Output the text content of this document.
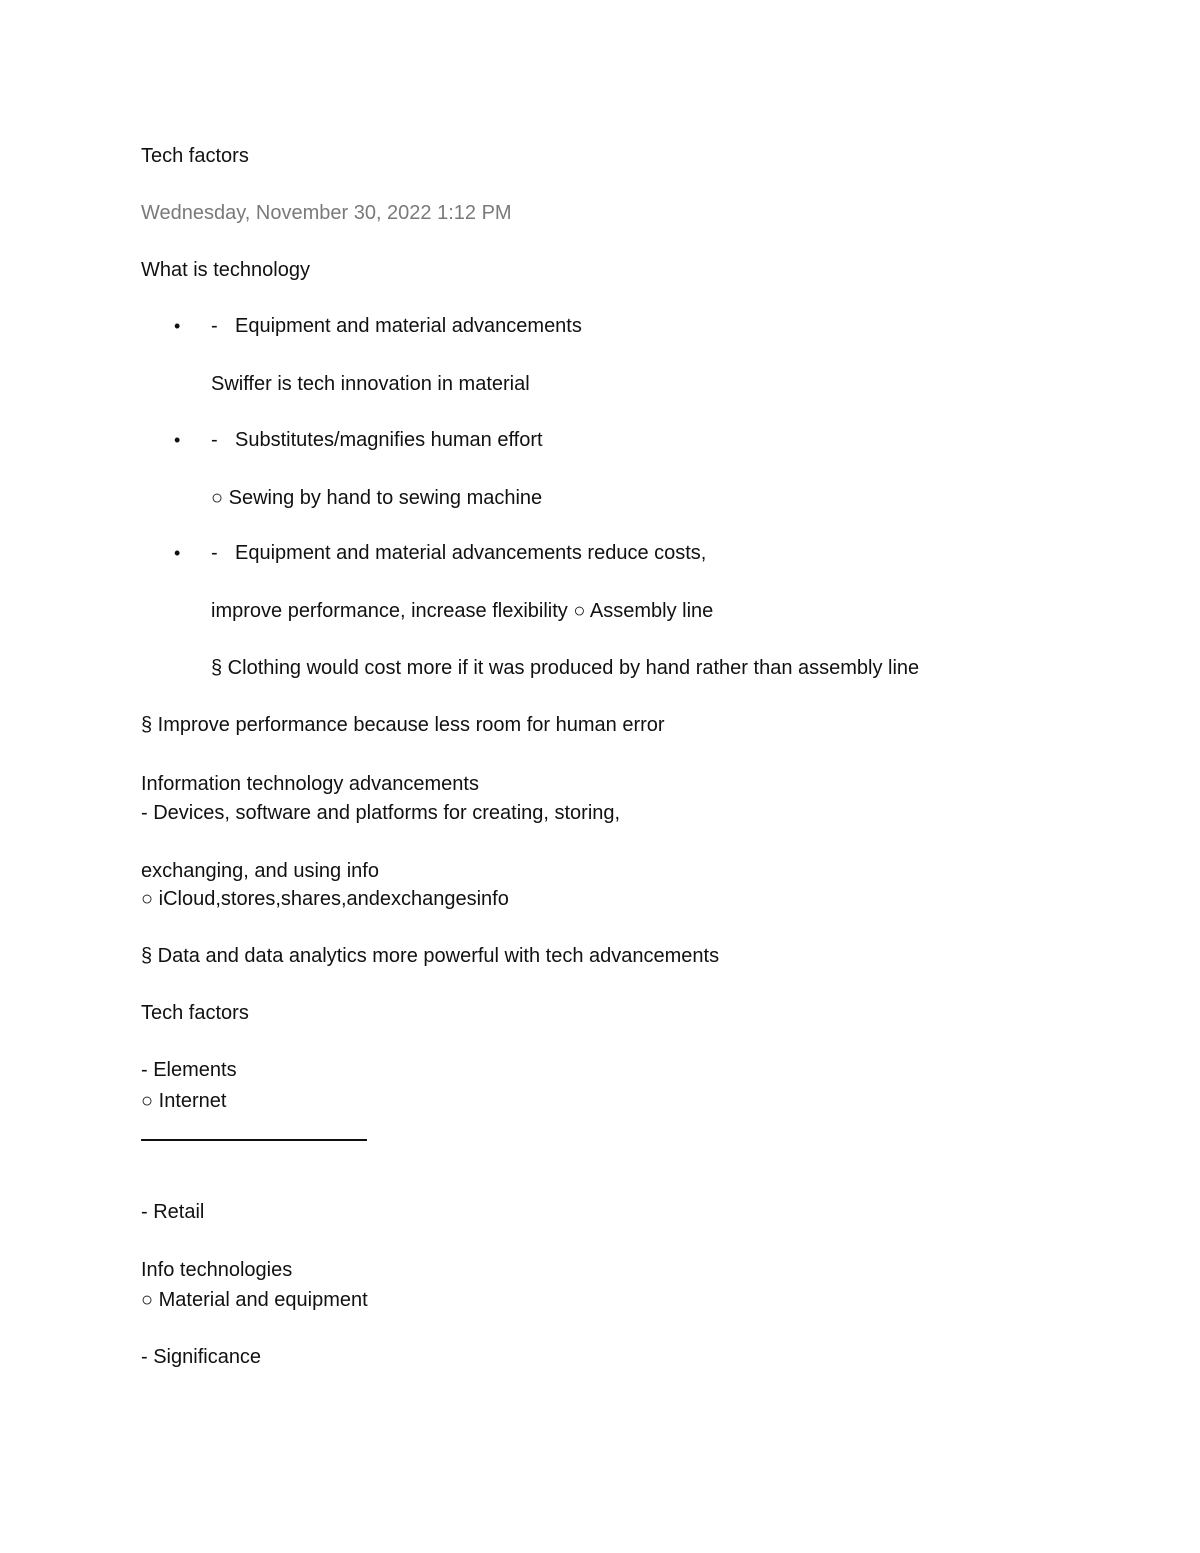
Tech factors
Wednesday, November 30, 2022 1:12 PM
What is technology
• - Equipment and material advancements
Swiffer is tech innovation in material
• - Substitutes/magnifies human effort
○ Sewing by hand to sewing machine
• - Equipment and material advancements reduce costs,
improve performance, increase flexibility ○ Assembly line
§ Clothing would cost more if it was produced by hand rather than assembly line
§ Improve performance because less room for human error
Information technology advancements
- Devices, software and platforms for creating, storing,
exchanging, and using info
○ iCloud,stores,shares,andexchangesinfo
§ Data and data analytics more powerful with tech advancements
Tech factors
- Elements
○ Internet
- Retail
Info technologies
○ Material and equipment
- Significance
